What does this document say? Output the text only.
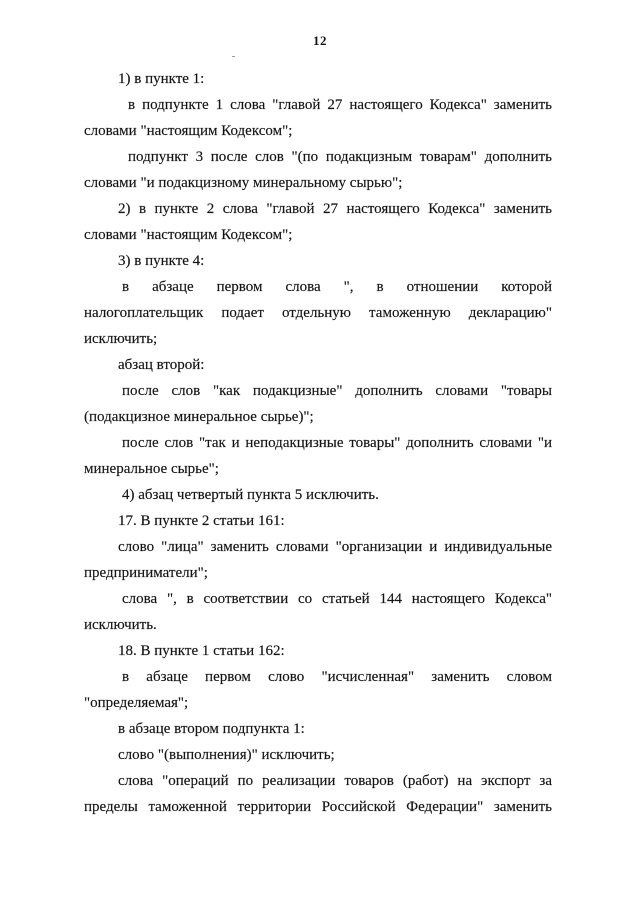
12

1) в пункте 1:

в подпункте 1 слова "главой 27 настоящего Кодекса" заменить
словами "настоящим Кодексом";

подпункт 3 после слов "(по подакцизным товарам" дополнить
словами "и подакцизному минеральному сырью";

2) в пункте 2 слова "главой 27 настоящего Кодекса" заменить
словами "настоящим Кодексом";

3) в пункте 4:

в абзаце первом слова ", в отношении которой
налогоплательщик подает отдельную таможенную декларацию"
исключить;

абзац второй:

после слов "как подакцизные" дополнить словами "товары
(подакцизное минеральное сырье)";

после слов "так и неподакцизные товары" дополнить словами "и
минеральное сырье";

4) абзац четвертый пункта 5 исключить.

17. В пункте 2 статьи 161:

слово "лица" заменить словами "организации и индивидуальные
предприниматели";

слова ", в соответствии со статьей 144 настоящего Кодекса"
исключить.

18. В пункте 1 статьи 162:

в абзаце первом слово "исчисленная" заменить словом
"определяемая";

в абзаце втором подпункта 1:

слово "(выполнения)" исключить;

слова "операций по реализации товаров (работ) на экспорт за
пределы таможенной территории Российской Федерации" заменить
